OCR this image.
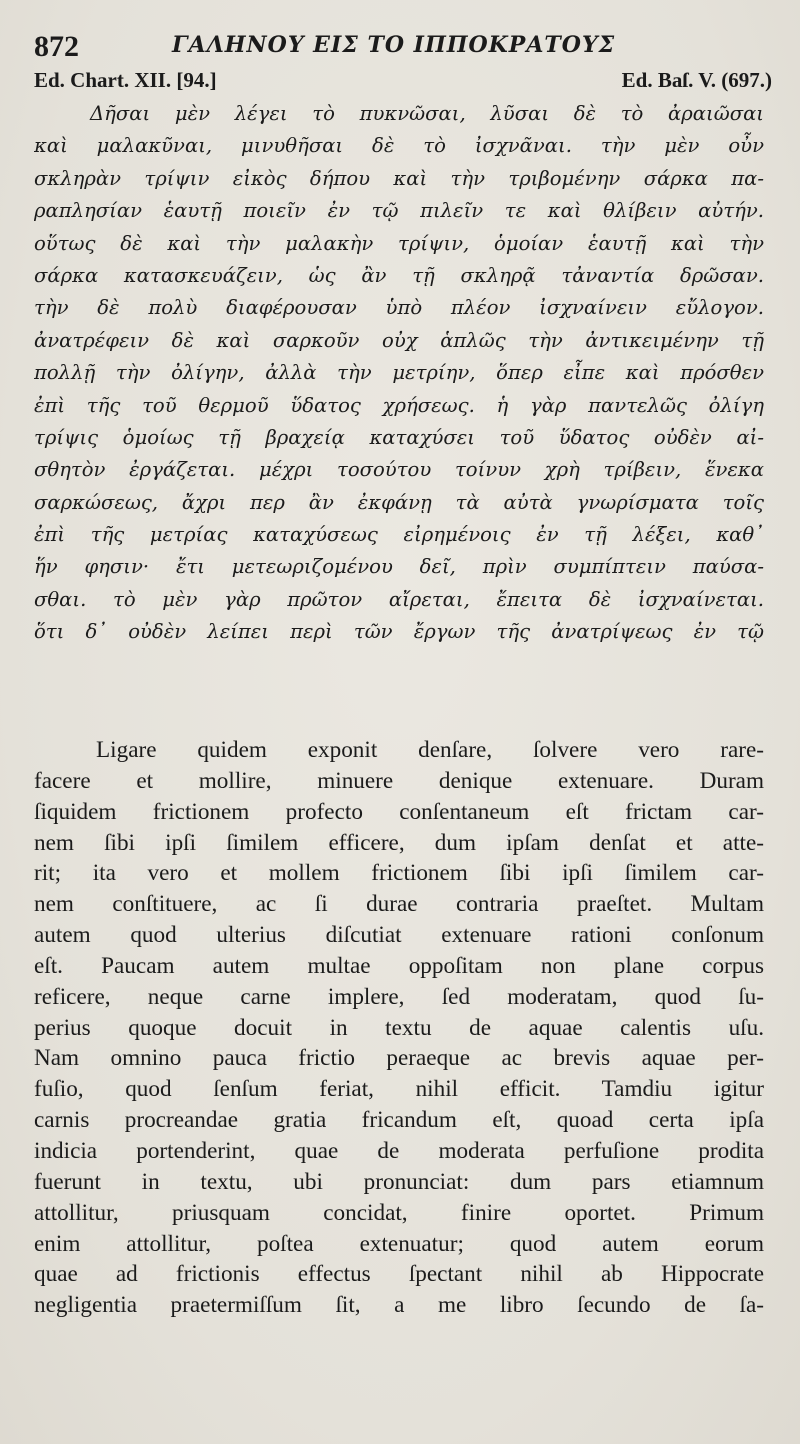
872	ΓΑΛΗΝΟΥ ΕΙΣ ΤΟ ΙΠΠΟΚΡΑΤΟΥΣ
Ed. Chart. XII. [94.]	Ed. Baſ. V. (697.)
Δῆσαι μὲν λέγει τὸ πυκνῶσαι, λῦσαι δὲ τὸ ἀραιῶσαι
καὶ μαλακῦναι, μινυθῆσαι δὲ τὸ ἰσχνᾶναι. τὴν μὲν οὖν
σκληρὰν τρίψιν εἰκὸς δήπου καὶ τὴν τριβομένην σάρκα πα-
ραπλησίαν ἑαυτῇ ποιεῖν ἐν τῷ πιλεῖν τε καὶ θλίβειν αὐτήν.
οὕτως δὲ καὶ τὴν μαλακὴν τρίψιν, ὁμοίαν ἑαυτῇ καὶ τὴν
σάρκα κατασκευάζειν, ὡς ἂν τῇ σκληρᾷ τἀναντία δρῶσαν.
τὴν δὲ πολὺ διαφέρουσαν ὑπὸ πλέον ἰσχναίνειν εὔλογον.
ἀνατρέφειν δὲ καὶ σαρκοῦν οὐχ ἁπλῶς τὴν ἀντικειμένην τῇ
πολλῇ τὴν ὀλίγην, ἀλλὰ τὴν μετρίην, ὅπερ εἶπε καὶ πρόσθεν
ἐπὶ τῆς τοῦ θερμοῦ ὕδατος χρήσεως. ἡ γὰρ παντελῶς ὀλίγη
τρίψις ὁμοίως τῇ βραχείᾳ καταχύσει τοῦ ὕδατος οὐδὲν αἰ-
σθητὸν ἐργάζεται. μέχρι τοσούτου τοίνυν χρὴ τρίβειν, ἕνεκα
σαρκώσεως, ἄχρι περ ἂν ἐκφάνῃ τὰ αὐτὰ γνωρίσματα τοῖς
ἐπὶ τῆς μετρίας καταχύσεως εἰρημένοις ἐν τῇ λέξει, καθ᾽
ἥν φησιν· ἔτι μετεωριζομένου δεῖ, πρὶν συμπίπτειν παύσα-
σθαι. τὸ μὲν γὰρ πρῶτον αἴρεται, ἔπειτα δὲ ἰσχναίνεται.
ὅτι δ᾽ οὐδὲν λείπει περὶ τῶν ἔργων τῆς ἀνατρίψεως ἐν τῷ
Ligare quidem exponit denſare, ſolvere vero rare-
facere et mollire, minuere denique extenuare. Duram
ſiquidem frictionem profecto conſentaneum eſt frictam car-
nem ſibi ipſi ſimilem efficere, dum ipſam denſat et atte-
rit; ita vero et mollem frictionem ſibi ipſi ſimilem car-
nem conſtituere, ac ſi durae contraria praeſtet. Multam
autem quod ulterius diſcutiat extenuare rationi conſonum
eſt. Paucam autem multae oppoſitam non plane corpus
reficere, neque carne implere, ſed moderatam, quod ſu-
perius quoque docuit in textu de aquae calentis uſu.
Nam omnino pauca frictio peraeque ac brevis aquae per-
fuſio, quod ſenſum feriat, nihil efficit. Tamdiu igitur
carnis procreandae gratia fricandum eſt, quoad certa ipſa
indicia portenderint, quae de moderata perfuſione prodita
fuerunt in textu, ubi pronunciat: dum pars etiamnum
attollitur, priusquam concidat, finire oportet. Primum
enim attollitur, poſtea extenuatur; quod autem eorum
quae ad frictionis effectus ſpectant nihil ab Hippocrate
negligentia praetermiſſum ſit, a me libro ſecundo de ſa-
